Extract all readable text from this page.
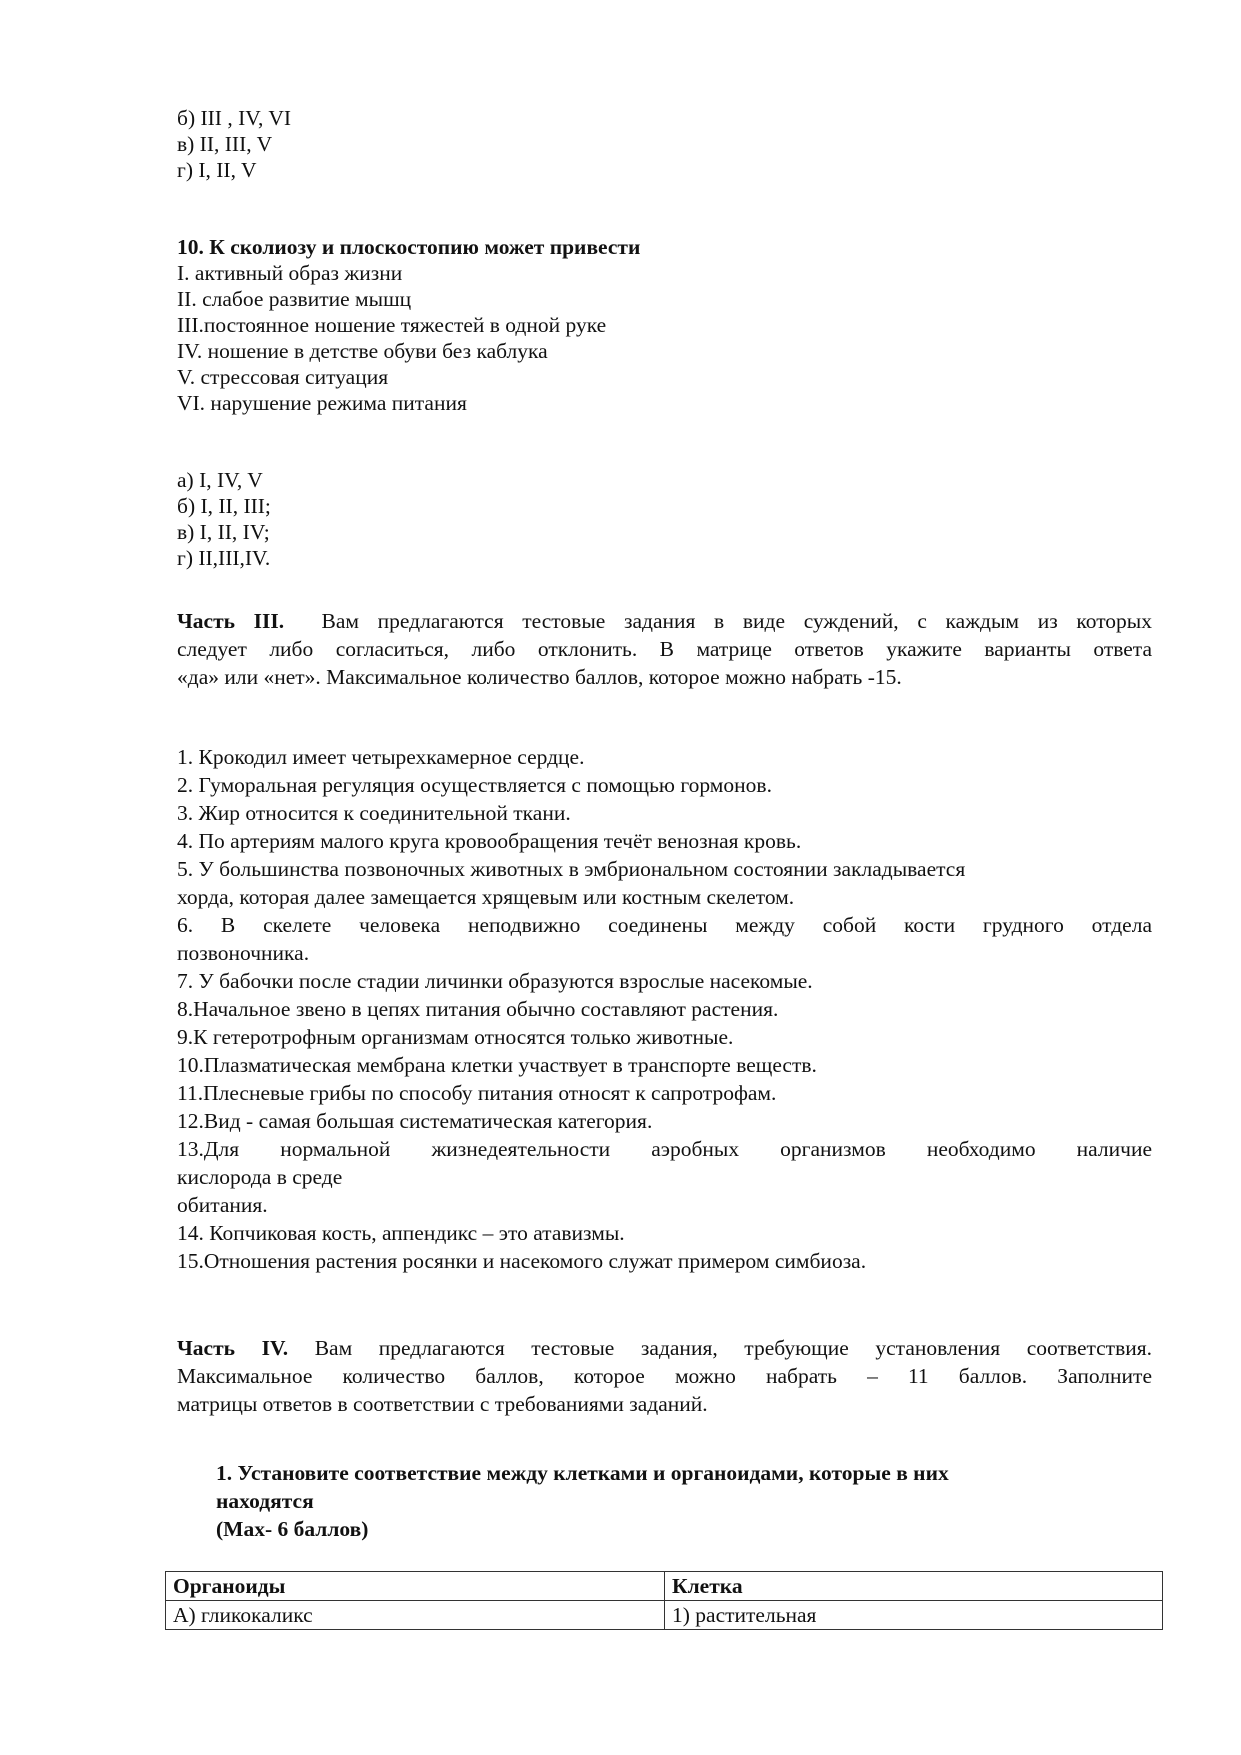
б) III , IV, VI
в) II, III, V
г) I, II, V
10. К сколиозу и плоскостопию может привести
I. активный образ жизни
II. слабое развитие мышц
III.постоянное ношение тяжестей в одной руке
IV. ношение в детстве обуви без каблука
V. стрессовая ситуация
VI. нарушение режима питания
а) I, IV, V
б) I, II, III;
в) I, II, IV;
г) II,III,IV.
Часть III. Вам предлагаются тестовые задания в виде суждений, с каждым из которых
следует либо согласиться, либо отклонить. В матрице ответов укажите варианты ответа
«да» или «нет». Максимальное количество баллов, которое можно набрать -15.
1. Крокодил имеет четырехкамерное сердце.
2. Гуморальная регуляция осуществляется с помощью гормонов.
3. Жир относится к соединительной ткани.
4. По артериям малого круга кровообращения течёт венозная кровь.
5. У большинства позвоночных животных в эмбриональном состоянии закладывается
хорда, которая далее замещается хрящевым или костным скелетом.
6. В скелете человека неподвижно соединены между собой кости грудного отдела
позвоночника.
7. У бабочки после стадии личинки образуются взрослые насекомые.
8.Начальное звено в цепях питания обычно составляют растения.
9.К гетеротрофным организмам относятся только животные.
10.Плазматическая мембрана клетки участвует в транспорте веществ.
11.Плесневые грибы по способу питания относят к сапротрофам.
12.Вид - самая большая систематическая категория.
13.Для нормальной жизнедеятельности аэробных организмов необходимо наличие
кислорода в среде
обитания.
14. Копчиковая кость, аппендикс – это атавизмы.
15.Отношения растения росянки и насекомого служат примером симбиоза.
Часть IV. Вам предлагаются тестовые задания, требующие установления соответствия.
Максимальное количество баллов, которое можно набрать – 11 баллов. Заполните
матрицы ответов в соответствии с требованиями заданий.
1. Установите соответствие между клетками и органоидами, которые в них
находятся
(Max- 6 баллов)
Органоиды	Клетка
А) гликокаликс	1) растительная
